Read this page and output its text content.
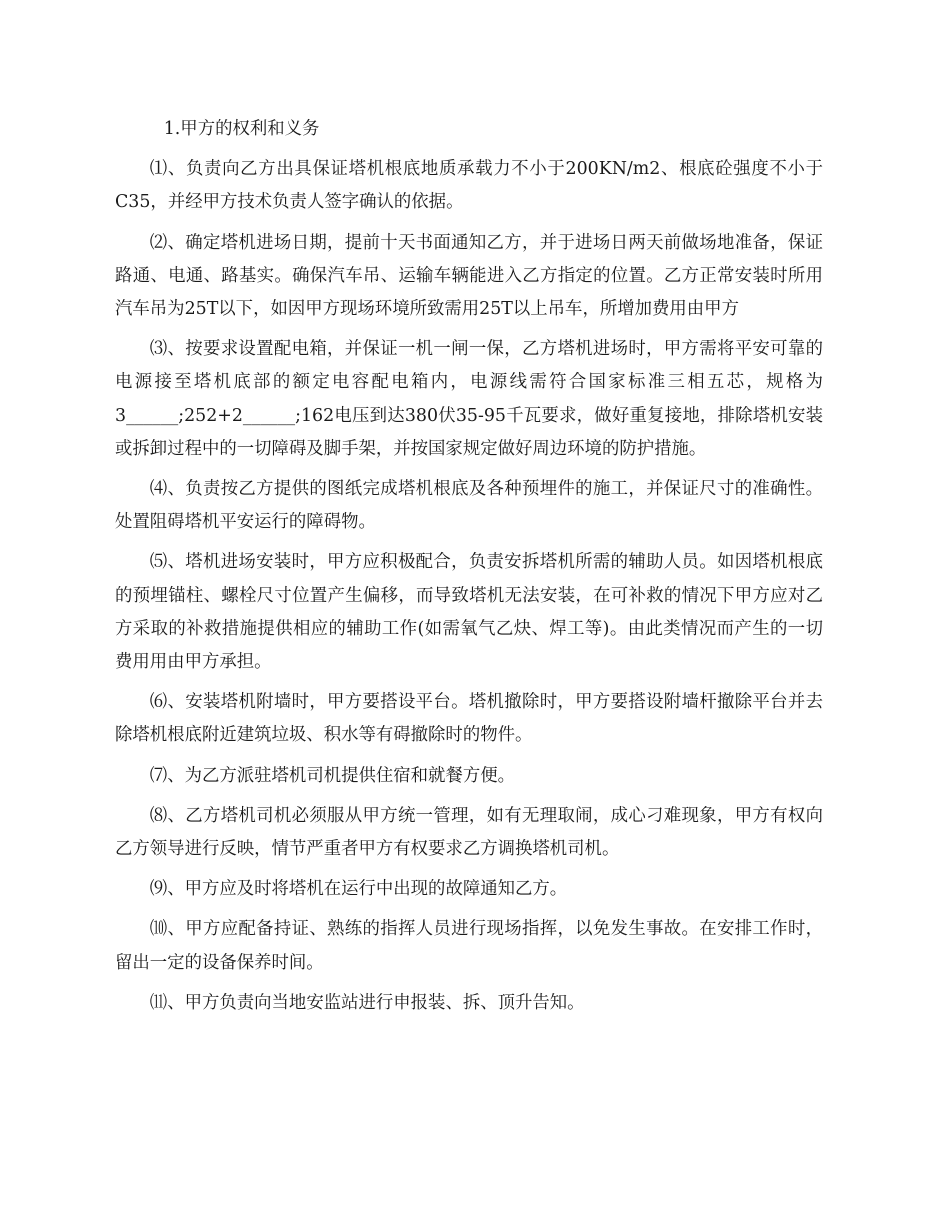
1.甲方的权利和义务

⑴、负责向乙方出具保证塔机根底地质承载力不小于200KN/m2、根底砼强度不小于C35，并经甲方技术负责人签字确认的依据。

⑵、确定塔机进场日期，提前十天书面通知乙方，并于进场日两天前做场地准备，保证路通、电通、路基实。确保汽车吊、运输车辆能进入乙方指定的位置。乙方正常安装时所用汽车吊为25T以下，如因甲方现场环境所致需用25T以上吊车，所增加费用由甲方

⑶、按要求设置配电箱，并保证一机一闸一保，乙方塔机进场时，甲方需将平安可靠的电源接至塔机底部的额定电容配电箱内，电源线需符合国家标准三相五芯，规格为3______;252+2______;162电压到达380伏35-95千瓦要求，做好重复接地，排除塔机安装或拆卸过程中的一切障碍及脚手架，并按国家规定做好周边环境的防护措施。

⑷、负责按乙方提供的图纸完成塔机根底及各种预埋件的施工，并保证尺寸的准确性。处置阻碍塔机平安运行的障碍物。

⑸、塔机进场安装时，甲方应积极配合，负责安拆塔机所需的辅助人员。如因塔机根底的预埋锚柱、螺栓尺寸位置产生偏移，而导致塔机无法安装，在可补救的情况下甲方应对乙方采取的补救措施提供相应的辅助工作(如需氧气乙炔、焊工等)。由此类情况而产生的一切费用用由甲方承担。

⑹、安装塔机附墙时，甲方要搭设平台。塔机撤除时，甲方要搭设附墙杆撤除平台并去除塔机根底附近建筑垃圾、积水等有碍撤除时的物件。

⑺、为乙方派驻塔机司机提供住宿和就餐方便。

⑻、乙方塔机司机必须服从甲方统一管理，如有无理取闹，成心刁难现象，甲方有权向乙方领导进行反映，情节严重者甲方有权要求乙方调换塔机司机。

⑼、甲方应及时将塔机在运行中出现的故障通知乙方。

⑽、甲方应配备持证、熟练的指挥人员进行现场指挥，以免发生事故。在安排工作时，留出一定的设备保养时间。

⑾、甲方负责向当地安监站进行申报装、拆、顶升告知。
